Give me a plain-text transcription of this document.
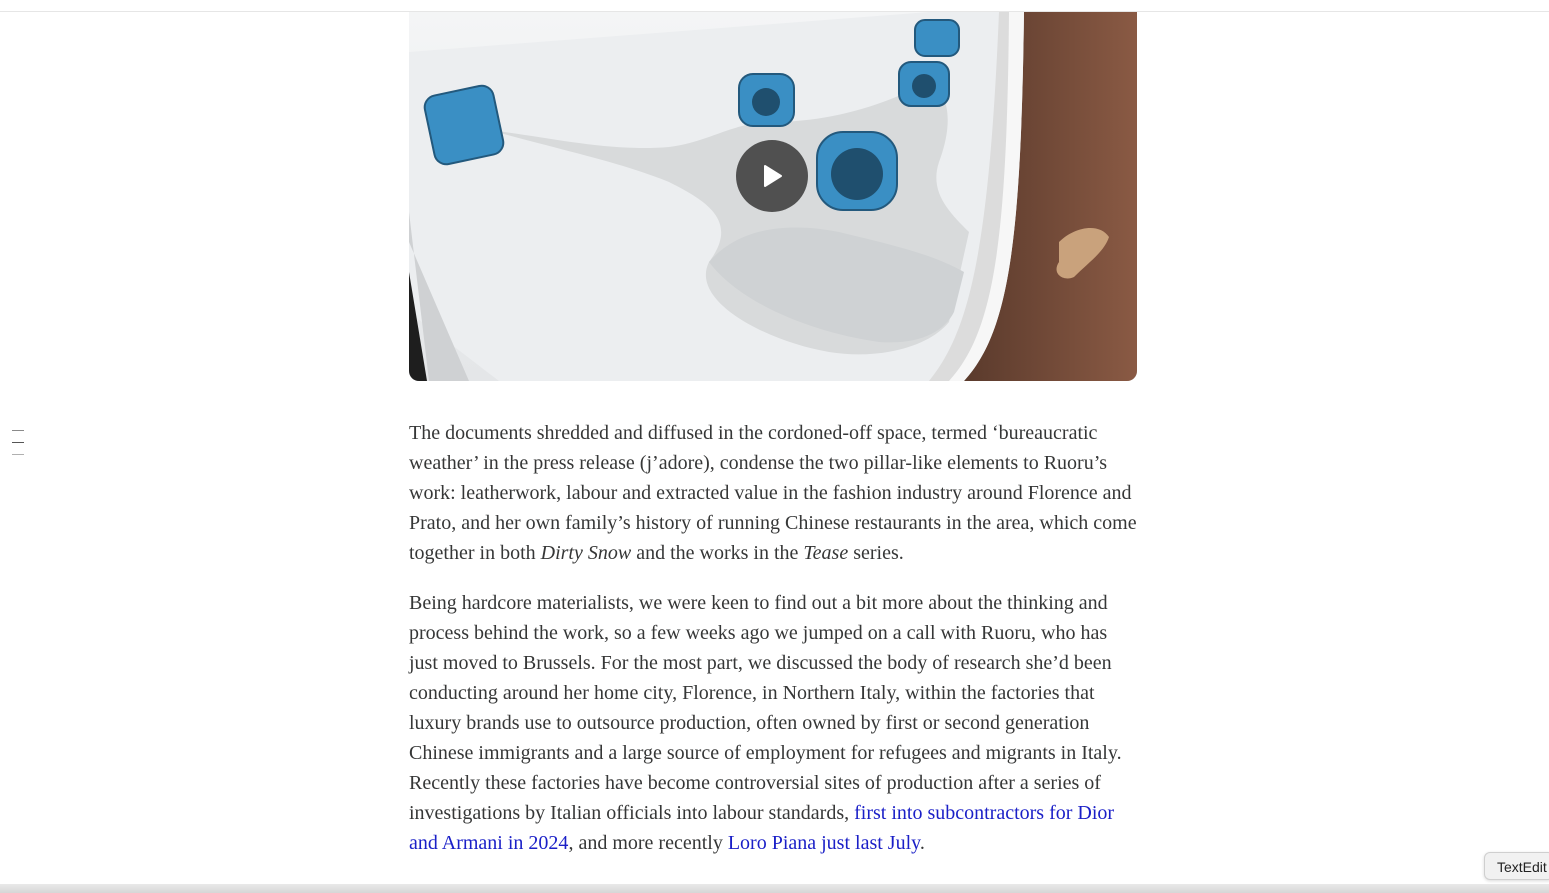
The documents shredded and diffused in the cordoned-off space, termed ‘bureaucratic weather’ in the press release (j’adore), condense the two pillar-like elements to Ruoru’s work: leatherwork, labour and extracted value in the fashion industry around Florence and Prato, and her own family’s history of running Chinese restaurants in the area, which come together in both Dirty Snow and the works in the Tease series.

Being hardcore materialists, we were keen to find out a bit more about the thinking and process behind the work, so a few weeks ago we jumped on a call with Ruoru, who has just moved to Brussels. For the most part, we discussed the body of research she’d been conducting around her home city, Florence, in Northern Italy, within the factories that luxury brands use to outsource production, often owned by first or second generation Chinese immigrants and a large source of employment for refugees and migrants in Italy. Recently these factories have become controversial sites of production after a series of investigations by Italian officials into labour standards, first into subcontractors for Dior and Armani in 2024, and more recently Loro Piana just last July.

TextEdit
